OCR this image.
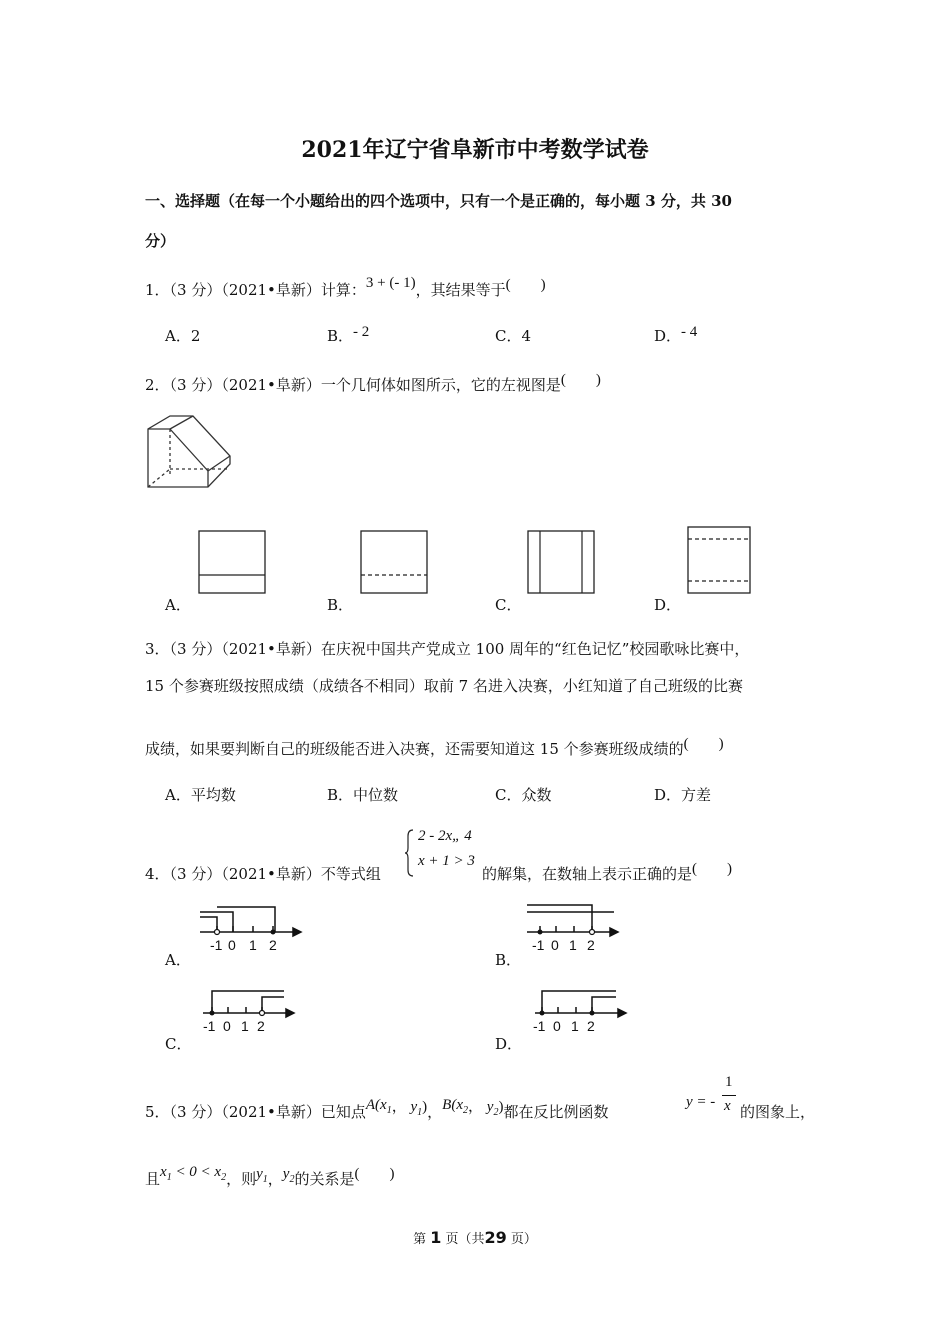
2021年辽宁省阜新市中考数学试卷
一、选择题（在每一个小题给出的四个选项中，只有一个是正确的，每小题 3 分，共 30
分）
1．（3 分）（2021•阜新）计算：3 + (- 1)，其结果等于(　　)
A．2	B．- 2	C．4	D．- 4
2．（3 分）（2021•阜新）一个几何体如图所示，它的左视图是(　　)
A．	B．	C．	D．
3．（3 分）（2021•阜新）在庆祝中国共产党成立 100 周年的“红色记忆”校园歌咏比赛中，
15 个参赛班级按照成绩（成绩各不相同）取前 7 名进入决赛，小红知道了自己班级的比赛
成绩，如果要判断自己的班级能否进入决赛，还需要知道这 15 个参赛班级成绩的(　　)
A．平均数	B．中位数	C．众数	D．方差
4．（3 分）（2021•阜新）不等式组
2 - 2x„ 4
x + 1 > 3
的解集，在数轴上表示正确的是(　　)
A．
-1 0 1 2
B．
-1 0 1 2
C．
-1 0 1 2
D．
-1 0 1 2
5．（3 分）（2021•阜新）已知点$A(x_1$， $y_1$)，$B(x_2$， $y_2$)都在反比例函数
y = -
1
x 的图象上，
且$x_1 < 0 < x_2$，则$y_1$，$y_2$的关系是(　　)
第 1 页（共29 页）
